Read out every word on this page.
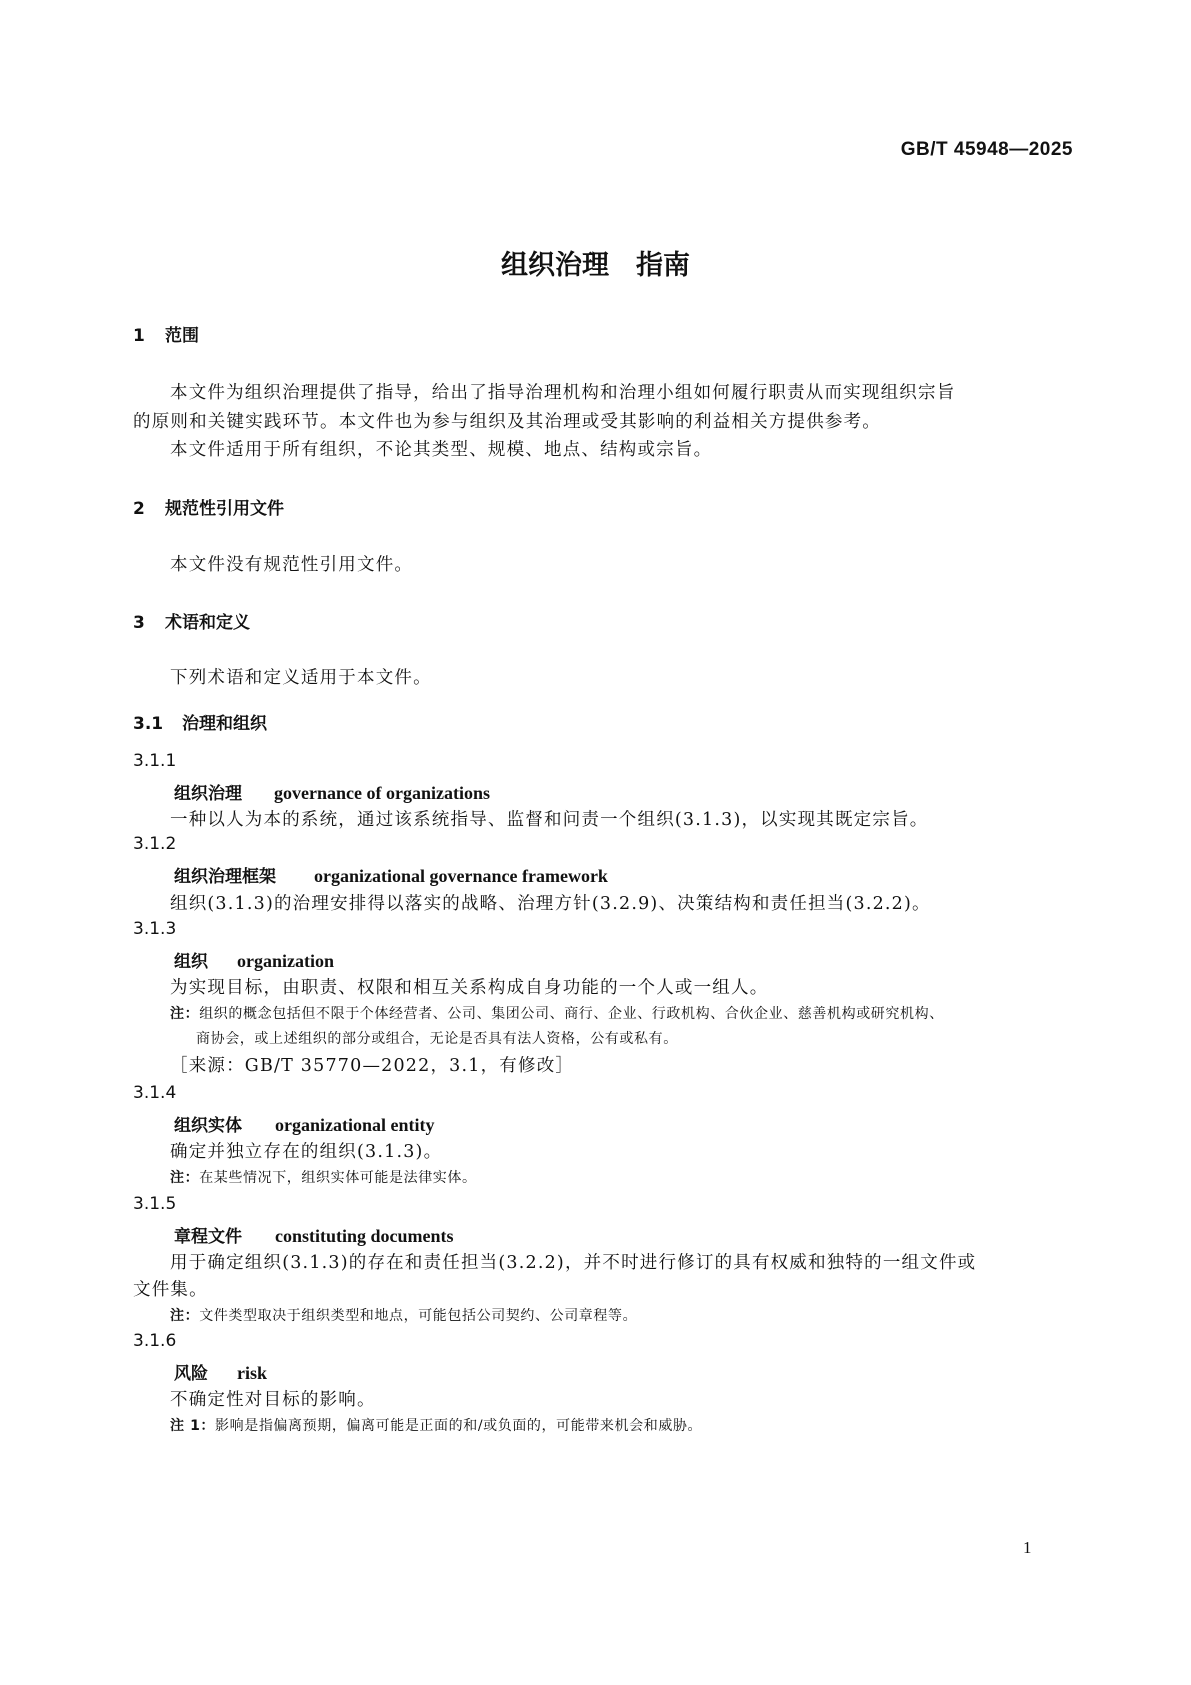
GB/T 45948—2025
组织治理　指南
1 范围
本文件为组织治理提供了指导，给出了指导治理机构和治理小组如何履行职责从而实现组织宗旨
的原则和关键实践环节。本文件也为参与组织及其治理或受其影响的利益相关方提供参考。
本文件适用于所有组织，不论其类型、规模、地点、结构或宗旨。
2 规范性引用文件
本文件没有规范性引用文件。
3 术语和定义
下列术语和定义适用于本文件。
3.1 治理和组织
3.1.1
组织治理 governance of organizations
一种以人为本的系统，通过该系统指导、监督和问责一个组织(3.1.3)，以实现其既定宗旨。
3.1.2
组织治理框架 organizational governance framework
组织(3.1.3)的治理安排得以落实的战略、治理方针(3.2.9)、决策结构和责任担当(3.2.2)。
3.1.3
组织 organization
为实现目标，由职责、权限和相互关系构成自身功能的一个人或一组人。
注：组织的概念包括但不限于个体经营者、公司、集团公司、商行、企业、行政机构、合伙企业、慈善机构或研究机构、
商协会，或上述组织的部分或组合，无论是否具有法人资格，公有或私有。
［来源：GB/T 35770—2022，3.1，有修改］
3.1.4
组织实体 organizational entity
确定并独立存在的组织(3.1.3)。
注：在某些情况下，组织实体可能是法律实体。
3.1.5
章程文件 constituting documents
用于确定组织(3.1.3)的存在和责任担当(3.2.2)，并不时进行修订的具有权威和独特的一组文件或
文件集。
注：文件类型取决于组织类型和地点，可能包括公司契约、公司章程等。
3.1.6
风险 risk
不确定性对目标的影响。
注 1：影响是指偏离预期，偏离可能是正面的和/或负面的，可能带来机会和威胁。
1
